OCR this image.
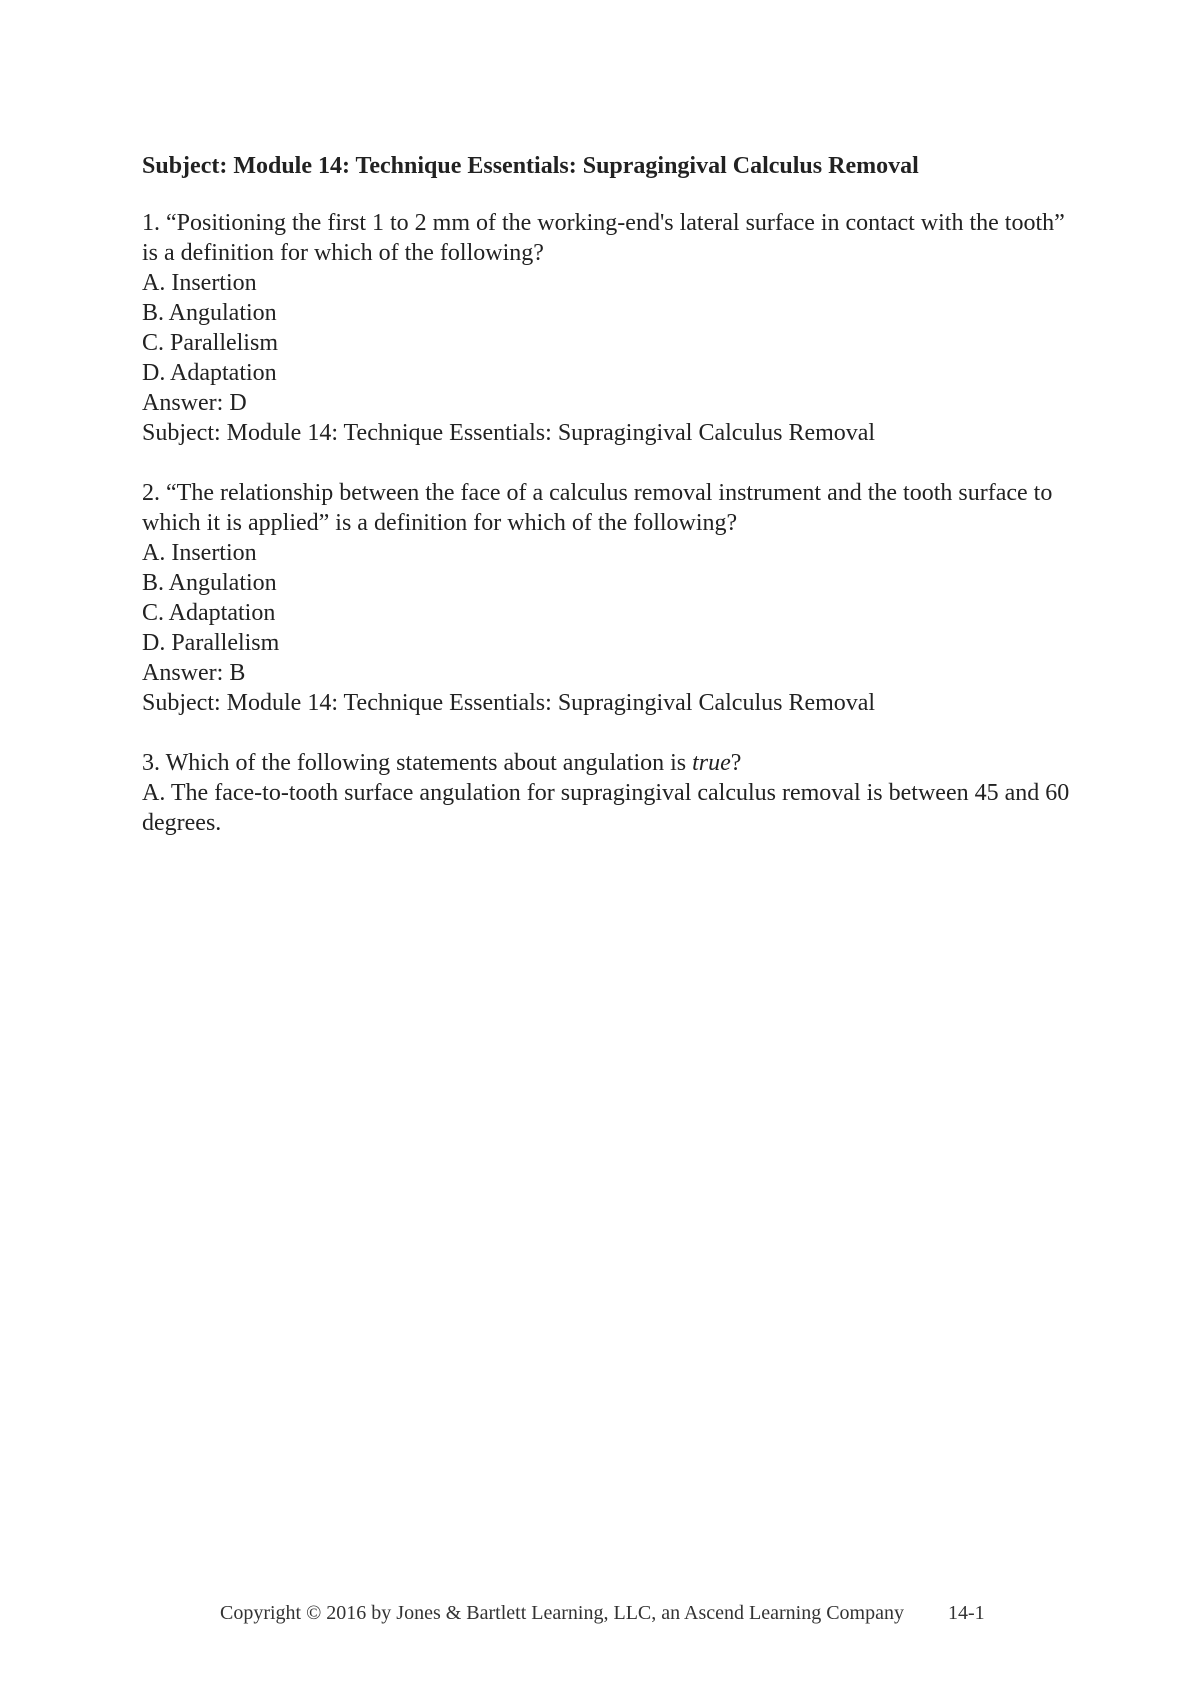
Subject: Module 14: Technique Essentials: Supragingival Calculus Removal
1. “Positioning the first 1 to 2 mm of the working-end's lateral surface in contact with the tooth” is a definition for which of the following?
A. Insertion
B. Angulation
C. Parallelism
D. Adaptation
Answer: D
Subject: Module 14: Technique Essentials: Supragingival Calculus Removal
2. “The relationship between the face of a calculus removal instrument and the tooth surface to which it is applied” is a definition for which of the following?
A. Insertion
B. Angulation
C. Adaptation
D. Parallelism
Answer: B
Subject: Module 14: Technique Essentials: Supragingival Calculus Removal
3. Which of the following statements about angulation is true?
A. The face-to-tooth surface angulation for supragingival calculus removal is between 45 and 60 degrees.
Copyright © 2016 by Jones & Bartlett Learning, LLC, an Ascend Learning Company 14-1
